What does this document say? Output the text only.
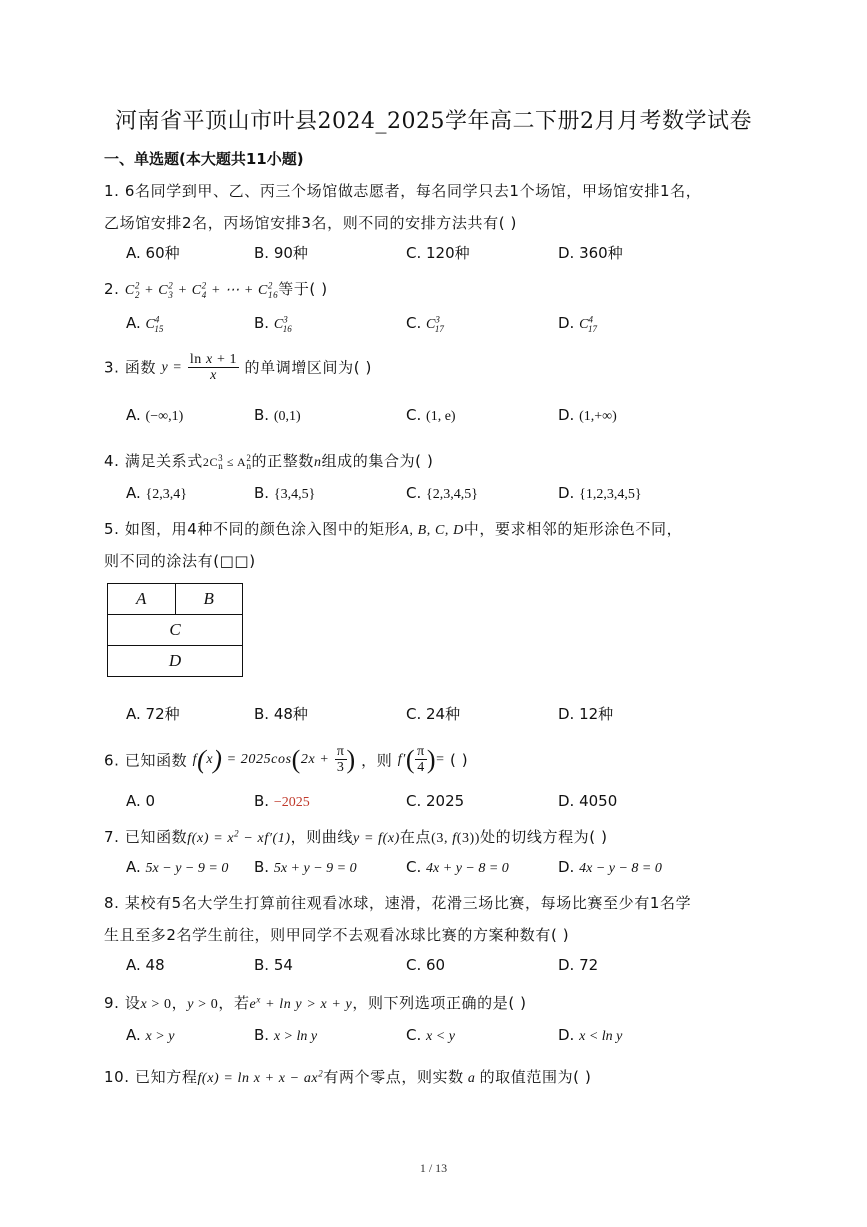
河南省平顶山市叶县2024_2025学年高二下册2月月考数学试卷
一、单选题(本大题共11小题)
1. 6名同学到甲、乙、丙三个场馆做志愿者，每名同学只去1个场馆，甲场馆安排1名，
乙场馆安排2名，丙场馆安排3名，则不同的安排方法共有( )
A. 60种	B. 90种	C. 120种	D. 360种
2. $C^2_2 + C^2_3 + C^2_4$ + ⋯ + $C^2_{16}$等于( )
A. $C^4_{15}$	B. $C^3_{16}$	C. $C^3_{17}$	D. $C^4_{17}$
3. 函数 $y = \frac{\text{ln x + 1}}{x}$ 的单调增区间为( )
A. (−∞,1)	B. (0,1)	C. (1, e)	D. (1,+∞)
4. 满足关系式$2C^3_n \le A^2_n$的正整数n组成的集合为( )
A. {2,3,4}	B. {3,4,5}	C. {2,3,4,5}	D. {1,2,3,4,5}
5. 如图，用4种不同的颜色涂入图中的矩形A, B, C, D中，要求相邻的矩形涂色不同，
则不同的涂法有(□□)
A	B
C
D
A. 72种	B. 48种	C. 24种	D. 12种
6. 已知函数 $f(x) = 2025\cos(2x + \frac{\pi}{3}$ ) ，则 $f'( \frac{\pi}{4}$ )= ( )
A. 0	B. −2025	C. 2025	D. 4050
7. 已知函数$f(x) = x^2 - xf'(1)$，则曲线y = f(x)在点(3, f(3))处的切线方程为( )
A. 5x − y − 9 = 0 B. 5x + y − 9 = 0	C. 4x + y − 8 = 0	D. 4x − y − 8 = 0
8. 某校有5名大学生打算前往观看冰球，速滑，花滑三场比赛，每场比赛至少有1名学
生且至多2名学生前往，则甲同学不去观看冰球比赛的方案种数有( )
A. 48	B. 54	C. 60	D. 72
9. 设x > 0，y > 0，若$e^x + \ln y > x + y$，则下列选项正确的是( )
A. x > y	B. x > ln y	C. x < y	D. x < ln y
10. 已知方程$f(x) = \ln x + x - ax^2$有两个零点，则实数 a 的取值范围为( )
1 / 13
